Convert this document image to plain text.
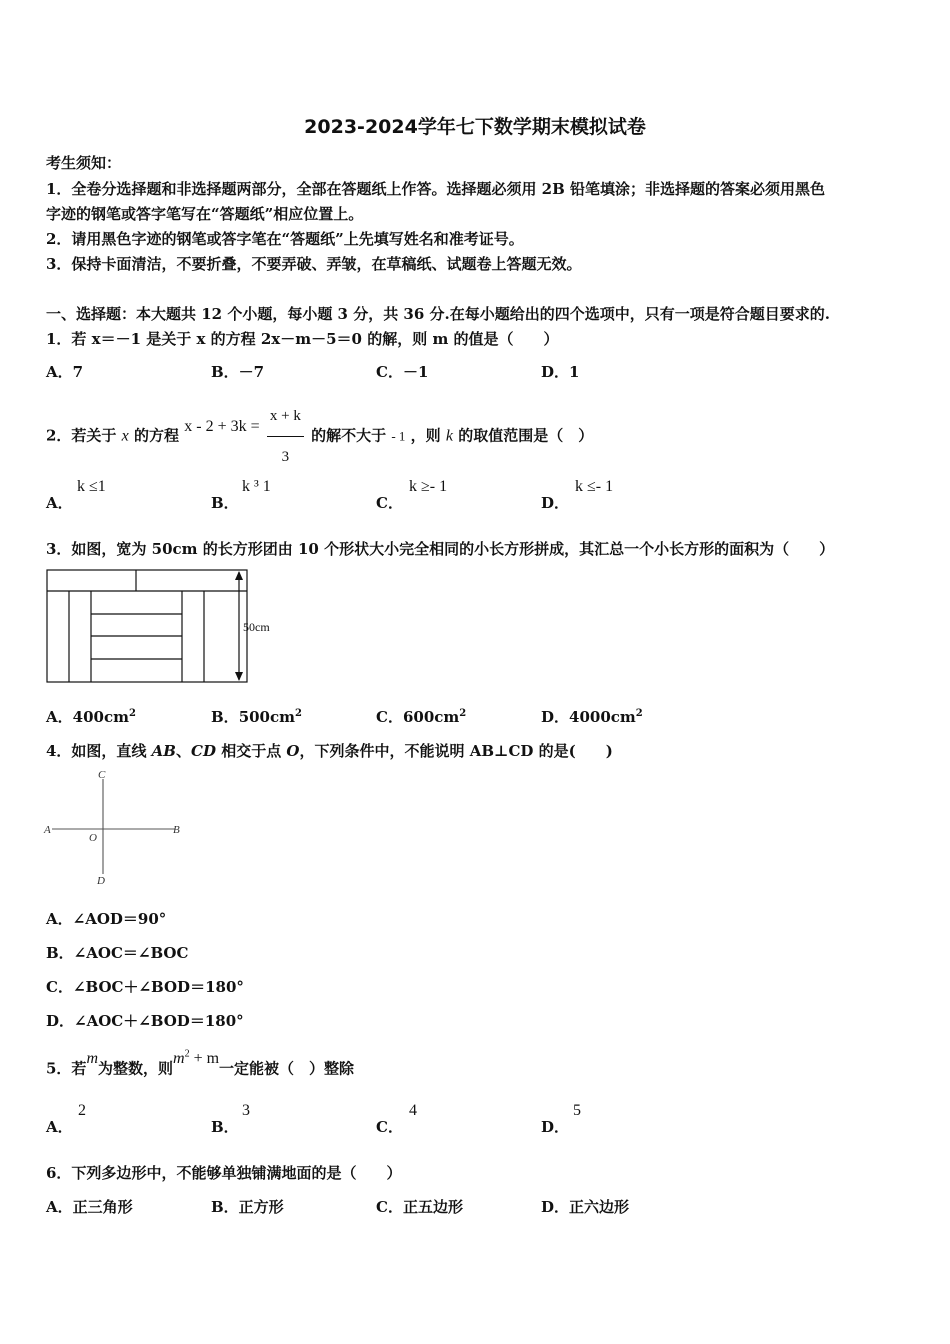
2023-2024学年七下数学期末模拟试卷
考生须知：
1．全卷分选择题和非选择题两部分，全部在答题纸上作答。选择题必须用 2B 铅笔填涂；非选择题的答案必须用黑色
字迹的钢笔或答字笔写在“答题纸”相应位置上。
2．请用黑色字迹的钢笔或答字笔在“答题纸”上先填写姓名和准考证号。
3．保持卡面清洁，不要折叠，不要弄破、弄皱，在草稿纸、试题卷上答题无效。
一、选择题：本大题共 12 个小题，每小题 3 分，共 36 分.在每小题给出的四个选项中，只有一项是符合题目要求的.
1．若 x＝－1 是关于 x 的方程 2x－m－5＝0 的解，则 m 的值是（　　）
A．7	B．－7	C．－1	D．1
2．若关于 x 的方程 $x - 2 + 3k = \frac{x + k}{3}$ 的解不大于 - 1 ，则 k 的取值范围是（　）
A．
k ≤1
B．
k ³ 1
C．
k ≥- 1
D．
k ≤- 1
3．如图，宽为 50cm 的长方形团由 10 个形状大小完全相同的小长方形拼成，其汇总一个小长方形的面积为（　　）
50cm
A．$400cm^2$	B．$500cm^2$	C．$600cm^2$	D．$4000cm^2$
4．如图，直线 AB、CD 相交于点 O，下列条件中，不能说明 AB⊥CD 的是(　　)
A	B
C
D
O
A．∠AOD＝90°
B．∠AOC＝∠BOC
C．∠BOC＋∠BOD＝180°
D．∠AOC＋∠BOD＝180°
5．若m为整数，则$m^2 + m$一定能被（　）整除
A．
2
B．
3
C．
4
D．
5
6．下列多边形中，不能够单独铺满地面的是（　　）
A．正三角形	B．正方形	C．正五边形	D．正六边形
